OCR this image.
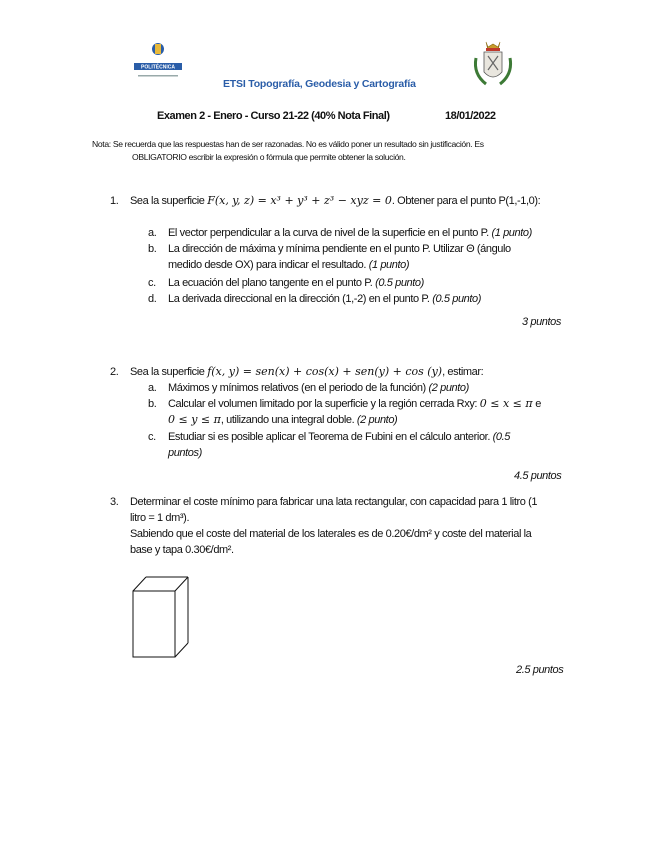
POLITÉCNICA
ETSI Topografía, Geodesia y Cartografía
Examen 2 - Enero - Curso 21-22 (40% Nota Final)	18/01/2022
Nota: Se recuerda que las respuestas han de ser razonadas. No es válido poner un resultado sin justificación. Es
OBLIGATORIO escribir la expresión o fórmula que permite obtener la solución.
1. Sea la superficie F(x, y, z) = x³ + y³ + z³ − xyz = 0. Obtener para el punto P(1,-1,0):
a. El vector perpendicular a la curva de nivel de la superficie en el punto P. (1 punto)
b. La dirección de máxima y mínima pendiente en el punto P. Utilizar Θ (ángulo
medido desde OX) para indicar el resultado. (1 punto)
c. La ecuación del plano tangente en el punto P. (0.5 punto)
d. La derivada direccional en la dirección (1,-2) en el punto P. (0.5 punto)
3 puntos
2. Sea la superficie f(x, y) = sen(x) + cos(x) + sen(y) + cos (y), estimar:
a. Máximos y mínimos relativos (en el periodo de la función) (2 punto)
b. Calcular el volumen limitado por la superficie y la región cerrada Rxy: 0 ≤ x ≤ π e
0 ≤ y ≤ π, utilizando una integral doble. (2 punto)
c. Estudiar si es posible aplicar el Teorema de Fubini en el cálculo anterior. (0.5
puntos)
4.5 puntos
3. Determinar el coste mínimo para fabricar una lata rectangular, con capacidad para 1 litro (1
litro = 1 dm³).
Sabiendo que el coste del material de los laterales es de 0.20€/dm² y coste del material la
base y tapa 0.30€/dm².
2.5 puntos
